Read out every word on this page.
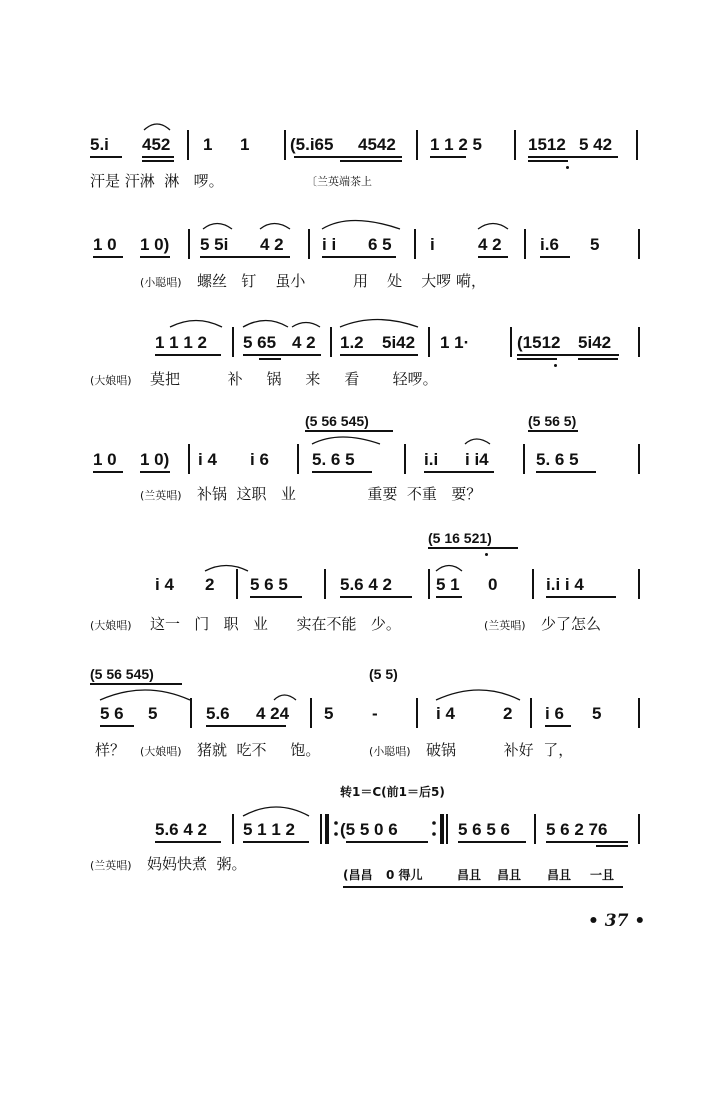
5.i 452 1 1 (5.i65 4542 1 1 2 5	1512 5 42
汗是 汗淋  淋   啰。	〔兰英端茶上
1 0 1 0) 5 5i 4 2 i i 6 5 i	4 2 i.6 5
(小聪唱) 螺丝   钉    虽小          用    处    大啰 嗬，
1 1 1 2 5 65 4 2 1.2 5i42 1 1·	(1512 5i42
(大娘唱) 莫把          补     锅     来     看       轻啰。
(5 56 545)
1 0 1 0) i 4 i 6	5. 6 5	i.i i i4
(5 56 5)
5. 6 5
(兰英唱) 补锅  这职   业               重要  不重   要？
(5 16 521)
i 4 2 5 6 5	5.6 4 2	5 1 0	i.i i 4
(大娘唱) 这一   门   职   业      实在不能   少。	(兰英唱) 少了怎么
(5 56 545)	(5 5)
5 6 5	5.6 4 24 5 -	i 4	2 i 6 5
样？ (大娘唱) 猪就  吃不     饱。	(小聪唱) 破锅          补好  了，
转1＝C(前1＝后5)
5.6 4 2 5 1 1 2	(5 5 0 6	5 6 5 6 5 6 2 76
(兰英唱) 妈妈快煮  粥。
(昌昌 0 得儿	昌且 昌且 昌且 一且
• 37 •
